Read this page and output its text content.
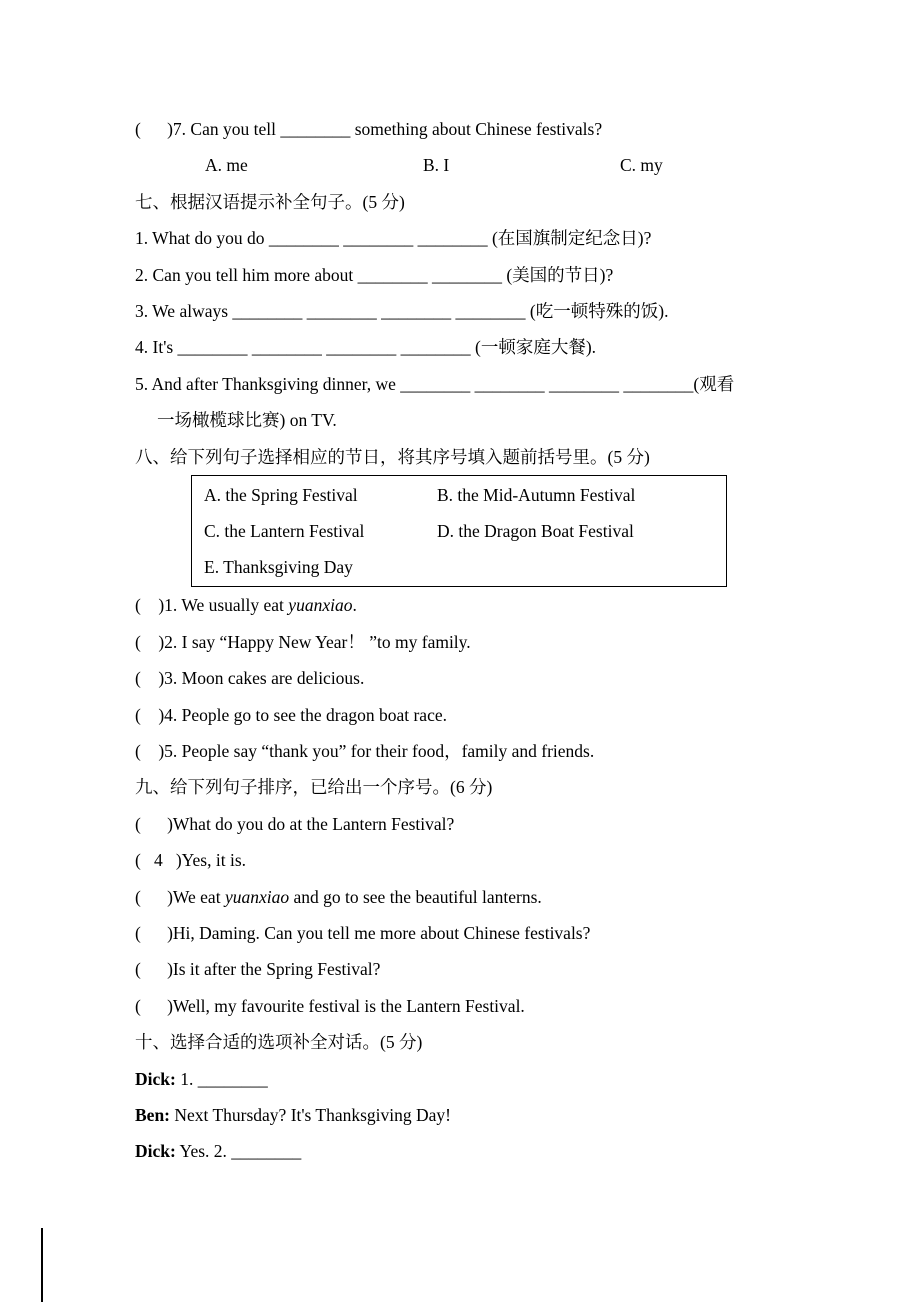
(      )7. Can you tell ________ something about Chinese festivals?
A. me	B. I	C. my
七、根据汉语提示补全句子。(5 分)
1. What do you do ________ ________ ________ (在国旗制定纪念日)?
2. Can you tell him more about ________ ________ (美国的节日)?
3. We always ________ ________ ________ ________ (吃一顿特殊的饭).
4. It's ________ ________ ________ ________ (一顿家庭大餐).
5. And after Thanksgiving dinner, we ________ ________ ________ ________(观看
一场橄榄球比赛) on TV.
八、给下列句子选择相应的节日，将其序号填入题前括号里。(5 分)
A. the Spring Festival	B. the Mid-Autumn Festival
C. the Lantern Festival	D. the Dragon Boat Festival
E. Thanksgiving Day
(    )1. We usually eat yuanxiao.
(    )2. I say “Happy New Year！ ”to my family.
(    )3. Moon cakes are delicious.
(    )4. People go to see the dragon boat race.
(    )5. People say “thank you” for their food，family and friends.
九、给下列句子排序，已给出一个序号。(6 分)
(      )What do you do at the Lantern Festival?
(   4   )Yes, it is.
(      )We eat yuanxiao and go to see the beautiful lanterns.
(      )Hi, Daming. Can you tell me more about Chinese festivals?
(      )Is it after the Spring Festival?
(      )Well, my favourite festival is the Lantern Festival.
十、选择合适的选项补全对话。(5 分)
Dick: 1. ________
Ben: Next Thursday? It's Thanksgiving Day!
Dick: Yes. 2. ________
